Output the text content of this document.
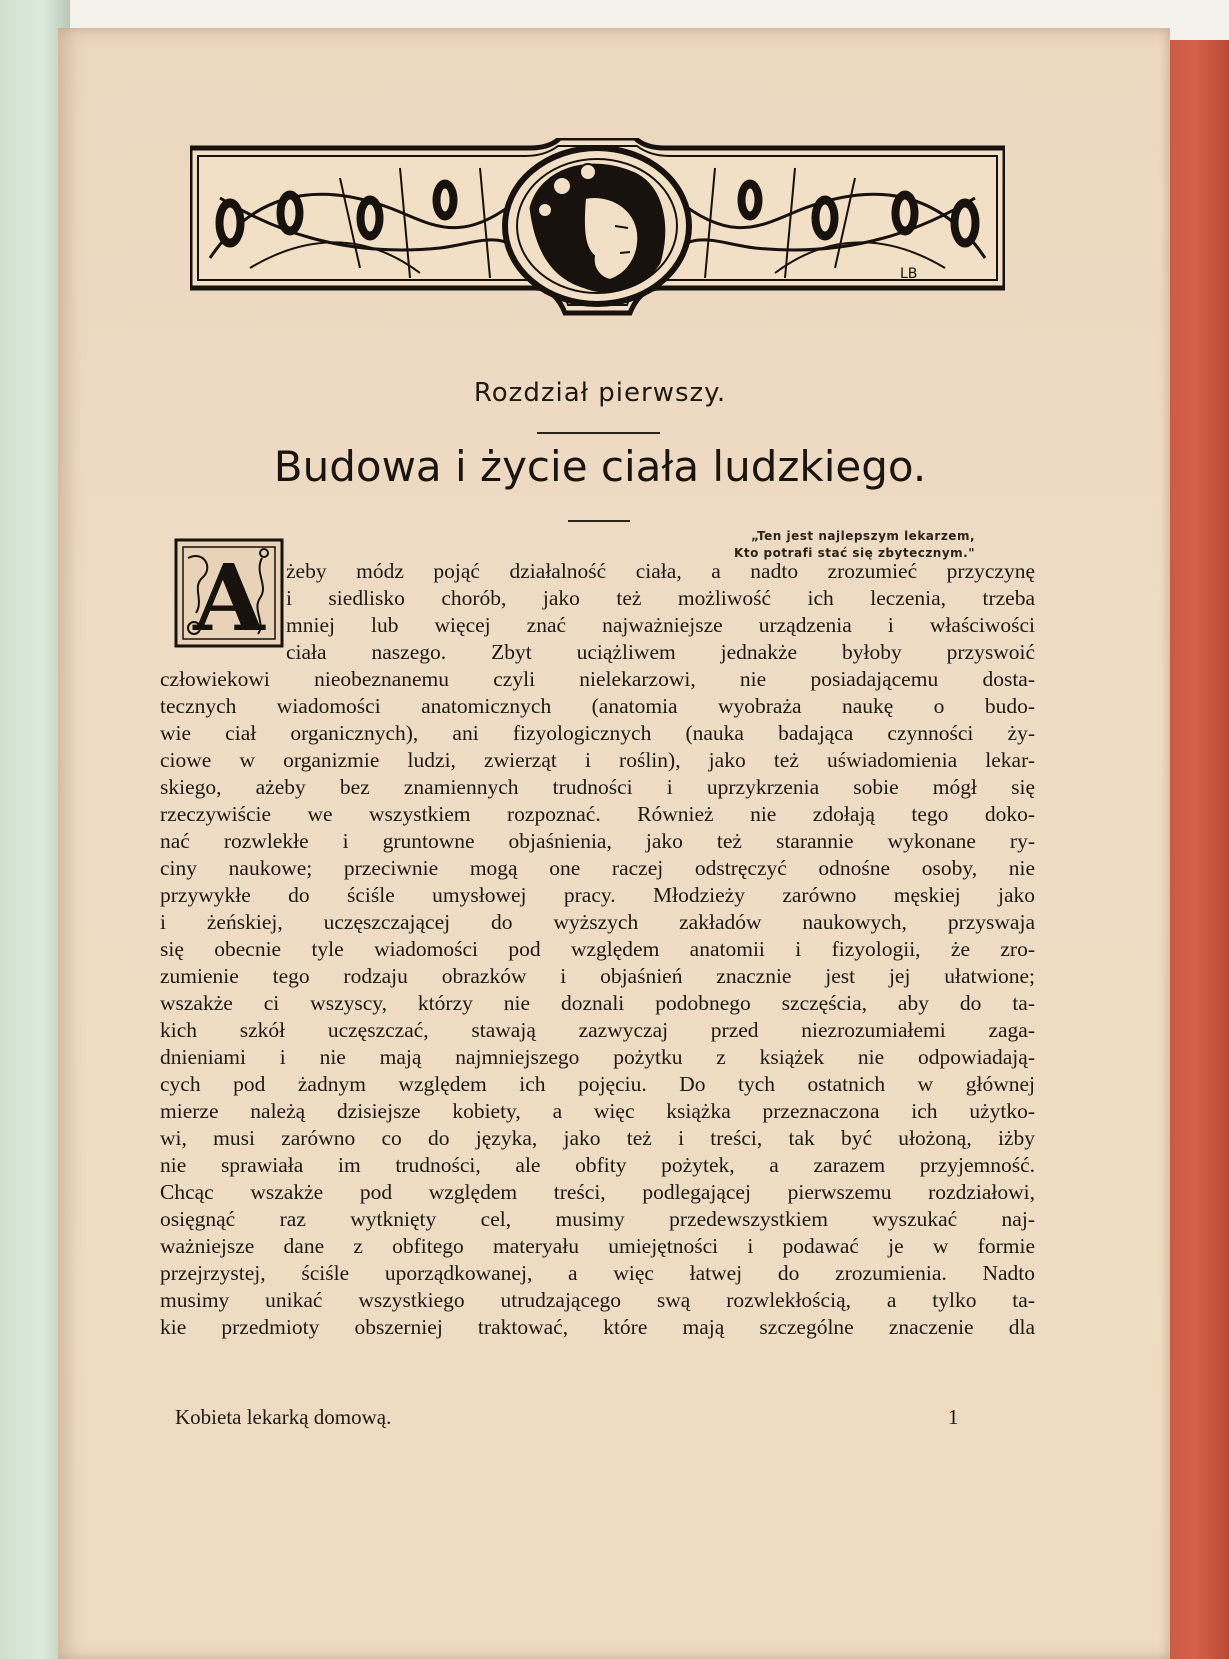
LB
Rozdział pierwszy.
Budowa i życie ciała ludzkiego.
„Ten jest najlepszym lekarzem,
Kto potrafi stać się zbytecznym."
A żeby módz pojąć działalność ciała, a nadto zrozumieć przyczynę
i siedlisko chorób, jako też możliwość ich leczenia, trzeba
mniej lub więcej znać najważniejsze urządzenia i właściwości
ciała naszego. Zbyt uciążliwem jednakże byłoby przyswoić
człowiekowi nieobeznanemu czyli nielekarzowi, nie posiadającemu dosta-
tecznych wiadomości anatomicznych (anatomia wyobraża naukę o budo-
wie ciał organicznych), ani fizyologicznych (nauka badająca czynności ży-
ciowe w organizmie ludzi, zwierząt i roślin), jako też uświadomienia lekar-
skiego, ażeby bez znamiennych trudności i uprzykrzenia sobie mógł się
rzeczywiście we wszystkiem rozpoznać. Również nie zdołają tego doko-
nać rozwlekłe i gruntowne objaśnienia, jako też starannie wykonane ry-
ciny naukowe; przeciwnie mogą one raczej odstręczyć odnośne osoby, nie
przywykłe do ściśle umysłowej pracy. Młodzieży zarówno męskiej jako
i żeńskiej, uczęszczającej do wyższych zakładów naukowych, przyswaja
się obecnie tyle wiadomości pod względem anatomii i fizyologii, że zro-
zumienie tego rodzaju obrazków i objaśnień znacznie jest jej ułatwione;
wszakże ci wszyscy, którzy nie doznali podobnego szczęścia, aby do ta-
kich szkół uczęszczać, stawają zazwyczaj przed niezrozumiałemi zaga-
dnieniami i nie mają najmniejszego pożytku z książek nie odpowiadają-
cych pod żadnym względem ich pojęciu. Do tych ostatnich w głównej
mierze należą dzisiejsze kobiety, a więc książka przeznaczona ich użytko-
wi, musi zarówno co do języka, jako też i treści, tak być ułożoną, iżby
nie sprawiała im trudności, ale obfity pożytek, a zarazem przyjemność.
Chcąc wszakże pod względem treści, podlegającej pierwszemu rozdziałowi,
osięgnąć raz wytknięty cel, musimy przedewszystkiem wyszukać naj-
ważniejsze dane z obfitego materyału umiejętności i podawać je w formie
przejrzystej, ściśle uporządkowanej, a więc łatwej do zrozumienia. Nadto
musimy unikać wszystkiego utrudzającego swą rozwlekłością, a tylko ta-
kie przedmioty obszerniej traktować, które mają szczególne znaczenie dla
Kobieta lekarką domową.	1
